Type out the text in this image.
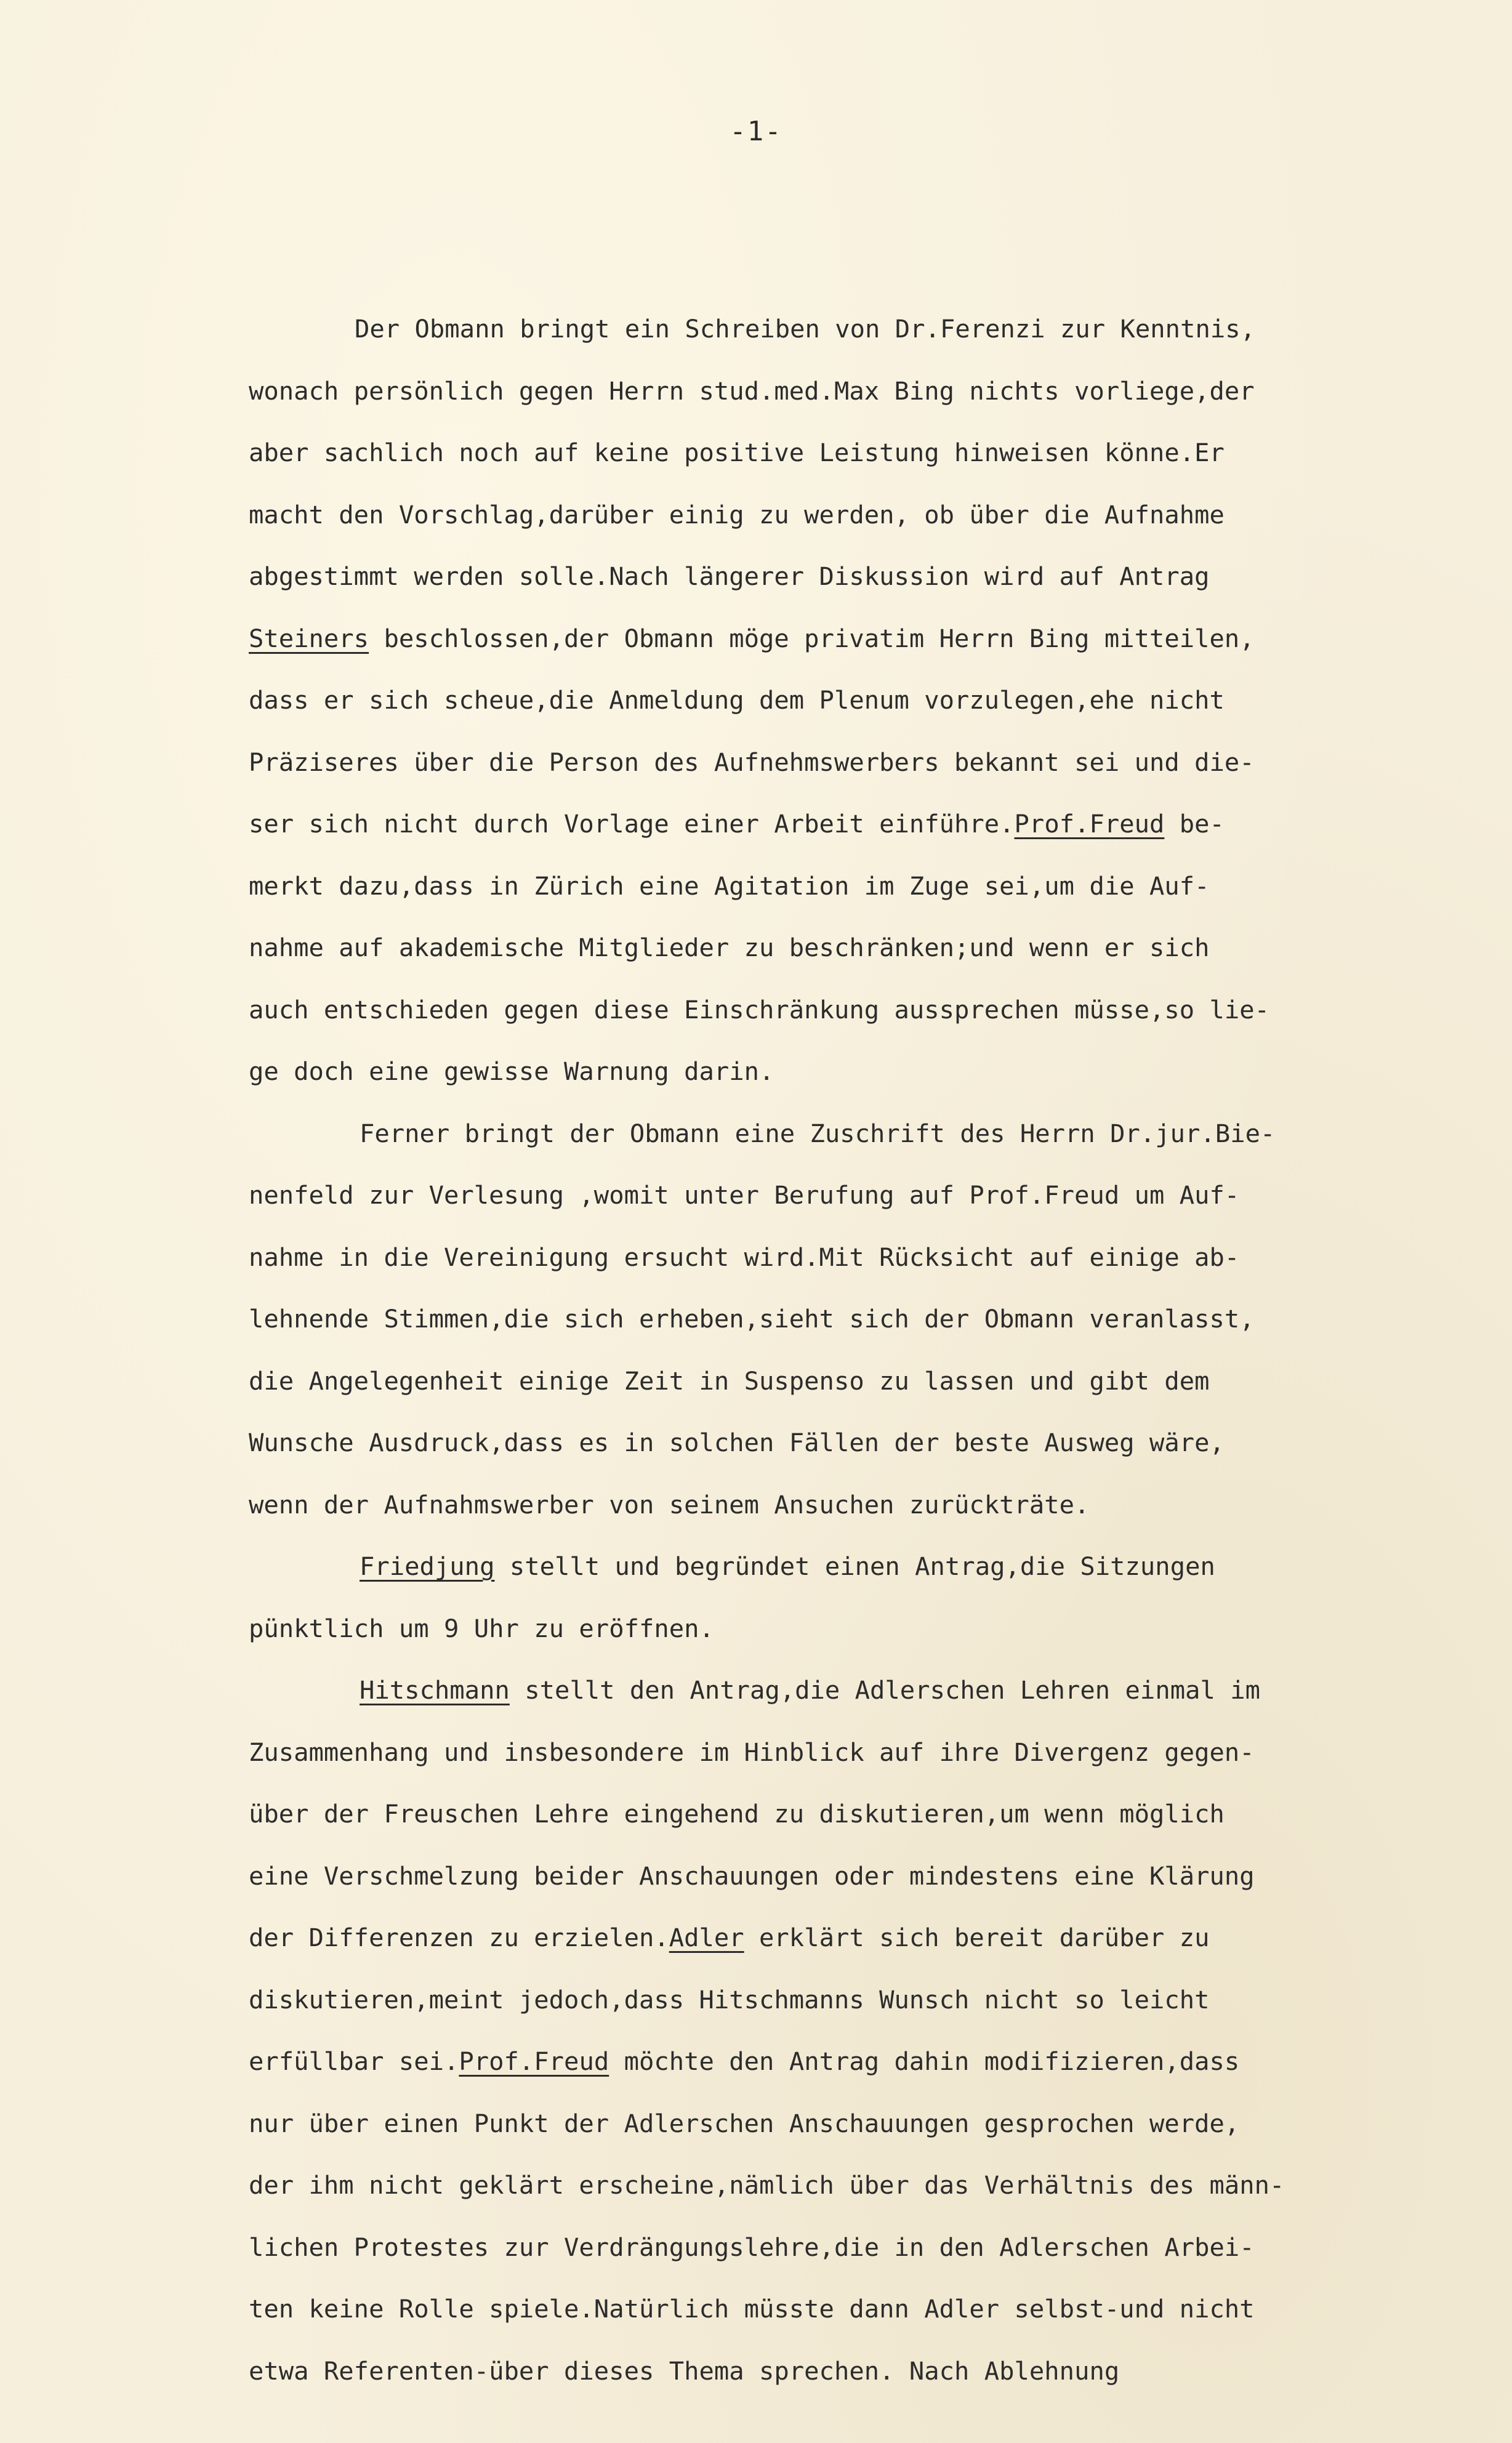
-1-
Der Obmann bringt ein Schreiben von Dr.Ferenzi zur Kenntnis,
wonach persönlich gegen Herrn stud.med.Max Bing nichts vorliege,der
aber sachlich noch auf keine positive Leistung hinweisen könne.Er
macht den Vorschlag,darüber einig zu werden, ob über die Aufnahme
abgestimmt werden solle.Nach längerer Diskussion wird auf Antrag
Steiners beschlossen,der Obmann möge privatim Herrn Bing mitteilen,
dass er sich scheue,die Anmeldung dem Plenum vorzulegen,ehe nicht
Präziseres über die Person des Aufnehmswerbers bekannt sei und die-
ser sich nicht durch Vorlage einer Arbeit einführe.Prof.Freud be-
merkt dazu,dass in Zürich eine Agitation im Zuge sei,um die Auf-
nahme auf akademische Mitglieder zu beschränken;und wenn er sich
auch entschieden gegen diese Einschränkung aussprechen müsse,so lie-
ge doch eine gewisse Warnung darin.
Ferner bringt der Obmann eine Zuschrift des Herrn Dr.jur.Bie-
nenfeld zur Verlesung ,womit unter Berufung auf Prof.Freud um Auf-
nahme in die Vereinigung ersucht wird.Mit Rücksicht auf einige ab-
lehnende Stimmen,die sich erheben,sieht sich der Obmann veranlasst,
die Angelegenheit einige Zeit in Suspenso zu lassen und gibt dem
Wunsche Ausdruck,dass es in solchen Fällen der beste Ausweg wäre,
wenn der Aufnahmswerber von seinem Ansuchen zurückträte.
Friedjung stellt und begründet einen Antrag,die Sitzungen
pünktlich um 9 Uhr zu eröffnen.
Hitschmann stellt den Antrag,die Adlerschen Lehren einmal im
Zusammenhang und insbesondere im Hinblick auf ihre Divergenz gegen-
über der Freuschen Lehre eingehend zu diskutieren,um wenn möglich
eine Verschmelzung beider Anschauungen oder mindestens eine Klärung
der Differenzen zu erzielen.Adler erklärt sich bereit darüber zu
diskutieren,meint jedoch,dass Hitschmanns Wunsch nicht so leicht
erfüllbar sei.Prof.Freud möchte den Antrag dahin modifizieren,dass
nur über einen Punkt der Adlerschen Anschauungen gesprochen werde,
der ihm nicht geklärt erscheine,nämlich über das Verhältnis des männ-
lichen Protestes zur Verdrängungslehre,die in den Adlerschen Arbei-
ten keine Rolle spiele.Natürlich müsste dann Adler selbst-und nicht
etwa Referenten-über dieses Thema sprechen. Nach Ablehnung
